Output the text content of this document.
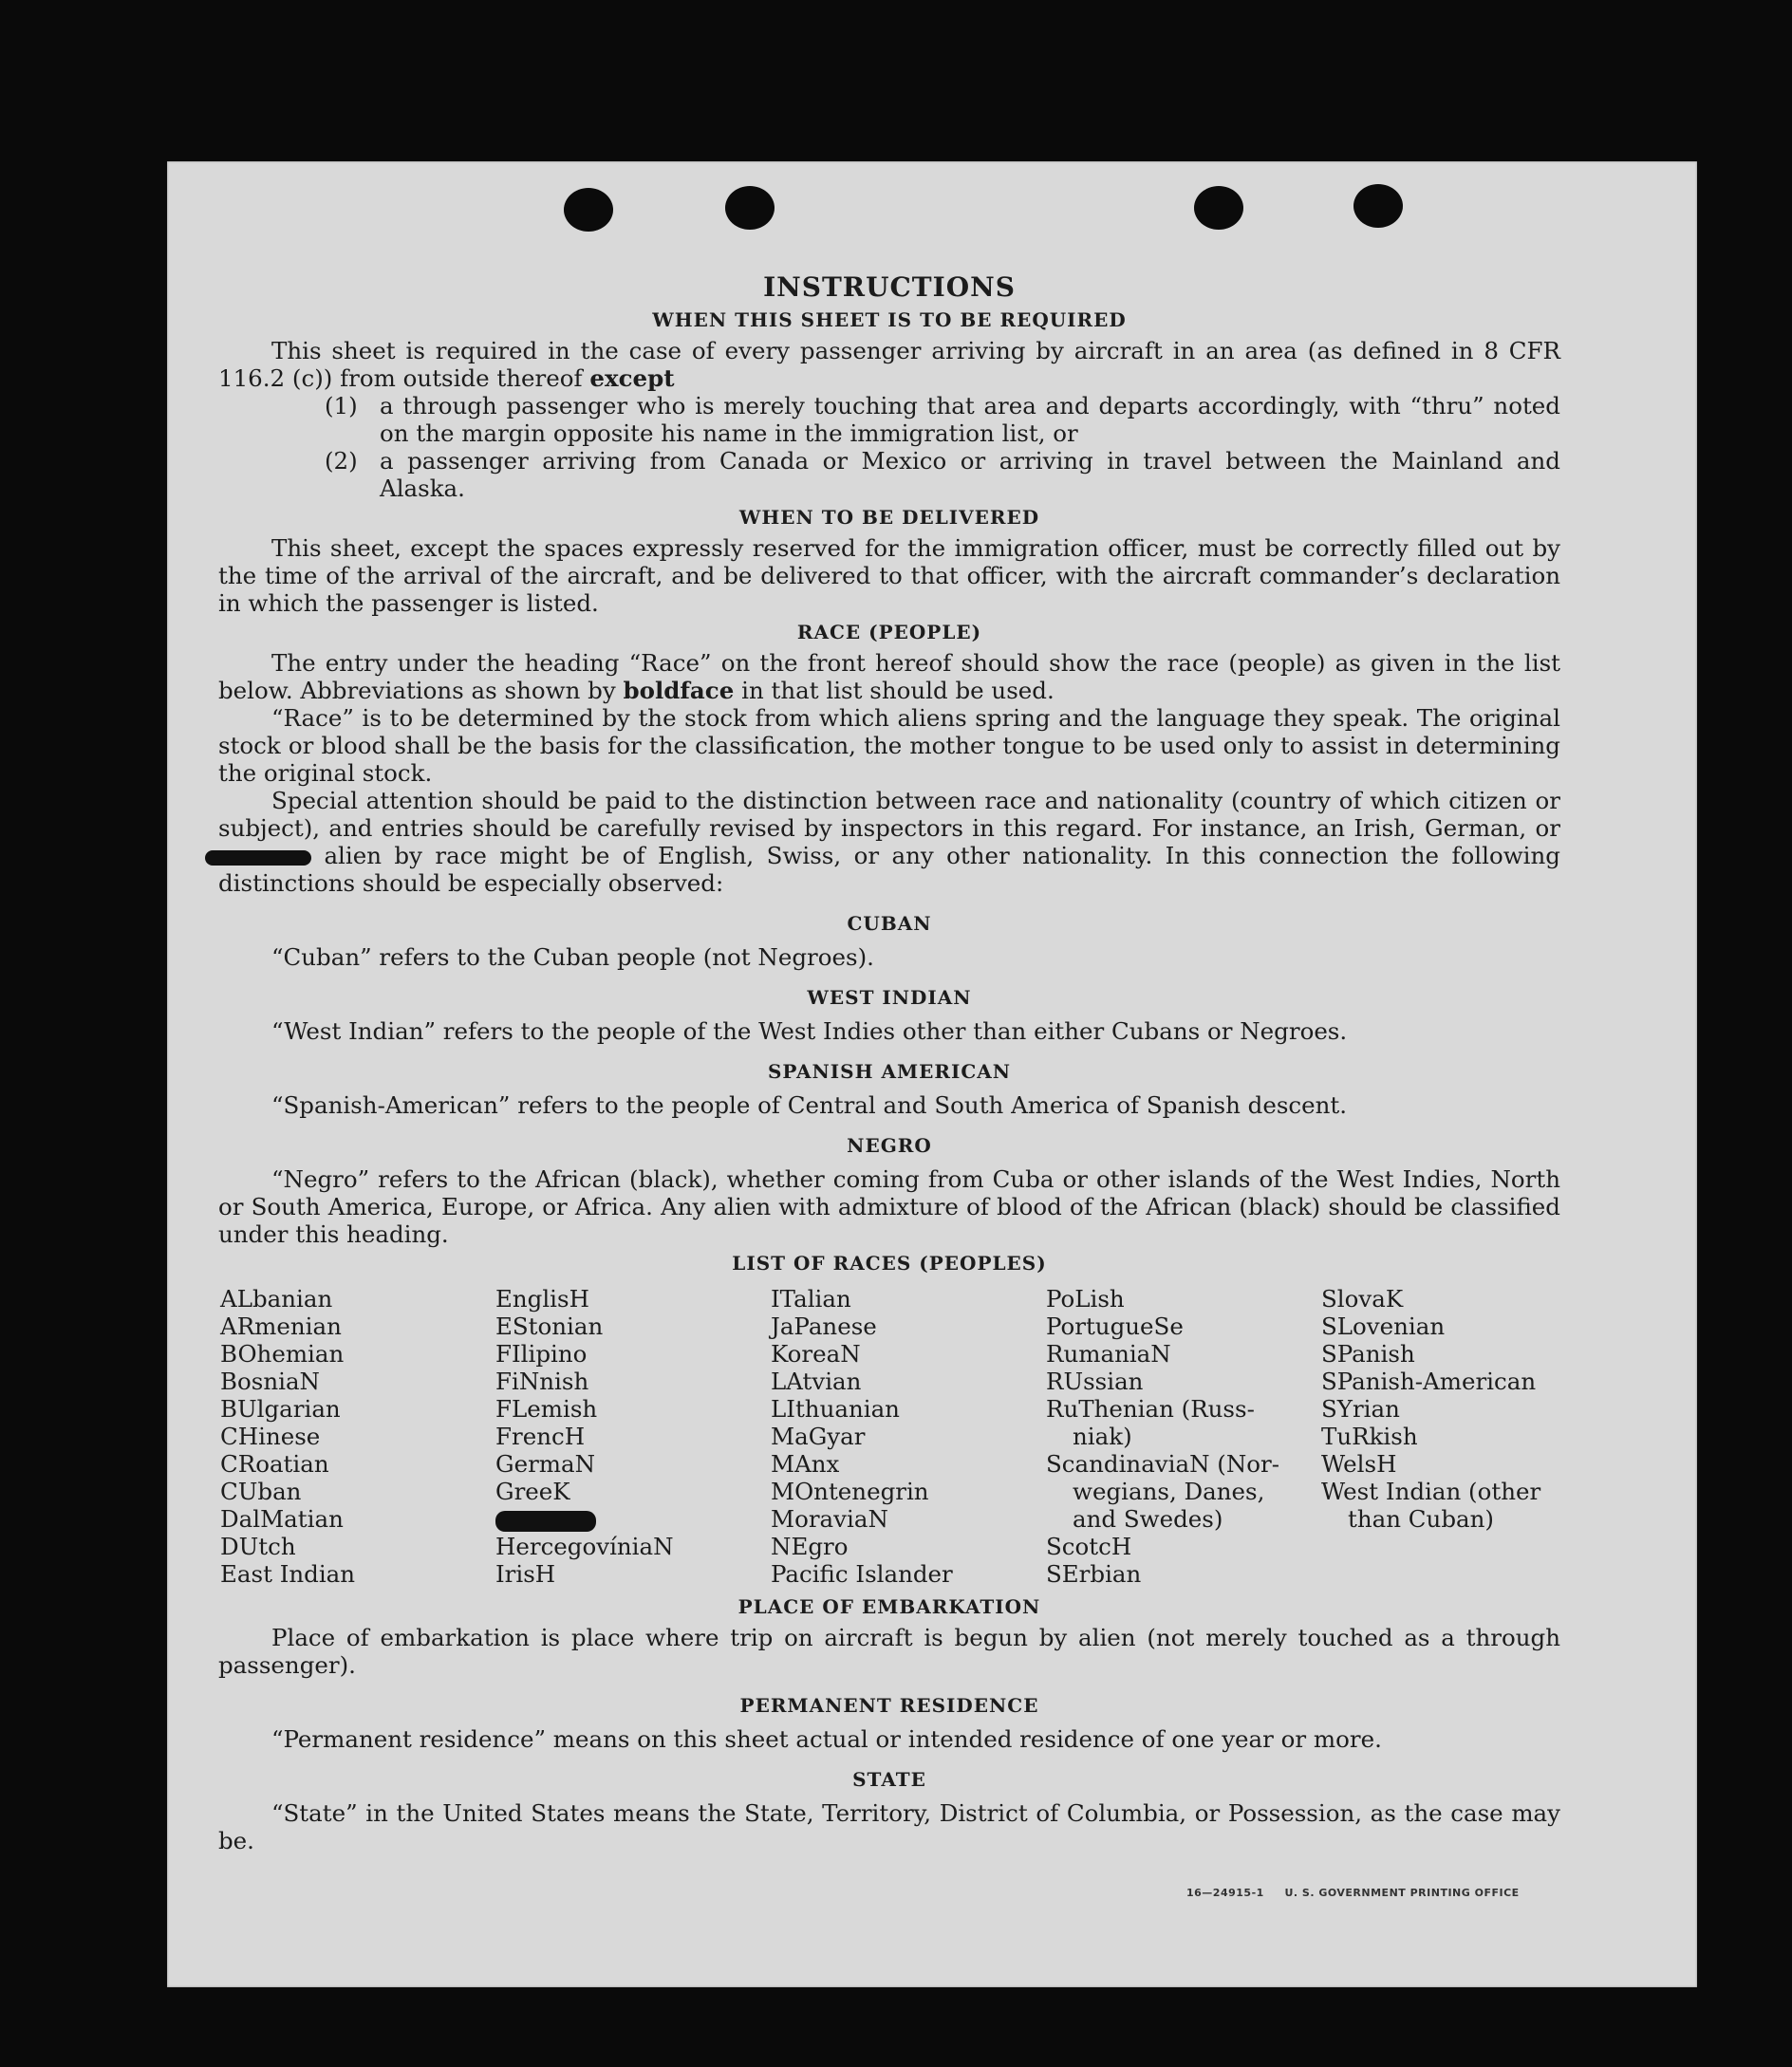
INSTRUCTIONS
WHEN THIS SHEET IS TO BE REQUIRED

This sheet is required in the case of every passenger arriving by aircraft in an area (as defined in 8 CFR 116.2 (c)) from outside thereof except

(1) a through passenger who is merely touching that area and departs accordingly, with “thru” noted on the margin opposite his name in the immigration list, or
(2) a passenger arriving from Canada or Mexico or arriving in travel between the Mainland and Alaska.
WHEN TO BE DELIVERED

This sheet, except the spaces expressly reserved for the immigration officer, must be correctly filled out by the time of the arrival of the aircraft, and be delivered to that officer, with the aircraft commander’s declaration in which the passenger is listed.

RACE (PEOPLE)

The entry under the heading “Race” on the front hereof should show the race (people) as given in the list below. Abbreviations as shown by boldface in that list should be used.

“Race” is to be determined by the stock from which aliens spring and the language they speak. The original stock or blood shall be the basis for the classification, the mother tongue to be used only to assist in determining the original stock.

Special attention should be paid to the distinction between race and nationality (country of which citizen or subject), and entries should be carefully revised by inspectors in this regard. For instance, an Irish, German, or  alien by race might be of English, Swiss, or any other nationality. In this connection the following distinctions should be especially observed:

CUBAN

“Cuban” refers to the Cuban people (not Negroes).

WEST INDIAN

“West Indian” refers to the people of the West Indies other than either Cubans or Negroes.

SPANISH AMERICAN

“Spanish-American” refers to the people of Central and South America of Spanish descent.

NEGRO

“Negro” refers to the African (black), whether coming from Cuba or other islands of the West Indies, North or South America, Europe, or Africa. Any alien with admixture of blood of the African (black) should be classified under this heading.

LIST OF RACES (PEOPLES)
ALbanian
ARmenian
BOhemian
BosniaN
BUlgarian
CHinese
CRoatian
CUban
DalMatian
DUtch
East Indian
EnglisH
EStonian
FIlipino
FiNnish
FLemish
FrencH
GermaN
GreeK
HercegovíniaN
IrisH
ITalian
JaPanese
KoreaN
LAtvian
LIthuanian
MaGyar
MAnx
MOntenegrin
MoraviaN
NEgro
Pacific Islander
PoLish
PortugueSe
RumaniaN
RUssian
RuThenian (Russ-
niak)
ScandinaviaN (Nor-
wegians, Danes,
and Swedes)
ScotcH
SErbian
SlovaK
SLovenian
SPanish
SPanish-American
SYrian
TuRkish
WelsH
West Indian (other
than Cuban)
PLACE OF EMBARKATION

Place of embarkation is place where trip on aircraft is begun by alien (not merely touched as a through passenger).

PERMANENT RESIDENCE

“Permanent residence” means on this sheet actual or intended residence of one year or more.

STATE

“State” in the United States means the State, Territory, District of Columbia, or Possession, as the case may be.

16—24915-1 U. S. GOVERNMENT PRINTING OFFICE
